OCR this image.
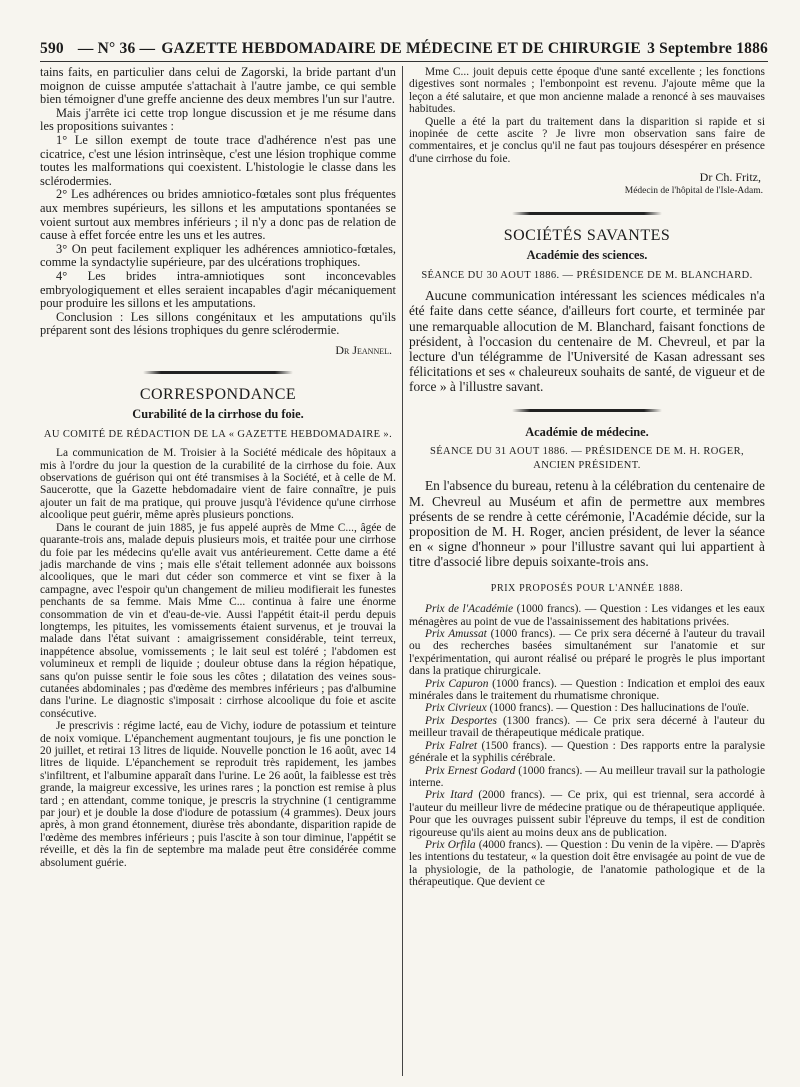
590 — N° 36 — GAZETTE HEBDOMADAIRE DE MÉDECINE ET DE CHIRURGIE 3 Septembre 1886

tains faits, en particulier dans celui de Zagorski, la bride partant d'un moignon de cuisse amputée s'attachait à l'autre jambe, ce qui semble bien témoigner d'une greffe ancienne des deux membres l'un sur l'autre.

Mais j'arrête ici cette trop longue discussion et je me résume dans les propositions suivantes :

1° Le sillon exempt de toute trace d'adhérence n'est pas une cicatrice, c'est une lésion intrinsèque, c'est une lésion trophique comme toutes les malformations qui coexistent. L'histologie le classe dans les sclérodermies.

2° Les adhérences ou brides amniotico-fœtales sont plus fréquentes aux membres supérieurs, les sillons et les amputations spontanées se voient surtout aux membres inférieurs ; il n'y a donc pas de relation de cause à effet forcée entre les uns et les autres.

3° On peut facilement expliquer les adhérences amniotico-fœtales, comme la syndactylie supérieure, par des ulcérations trophiques.

4° Les brides intra-amniotiques sont inconcevables embryologiquement et elles seraient incapables d'agir mécaniquement pour produire les sillons et les amputations.

Conclusion : Les sillons congénitaux et les amputations qu'ils préparent sont des lésions trophiques du genre sclérodermie.

Dr Jeannel.
CORRESPONDANCE
Curabilité de la cirrhose du foie.
AU COMITÉ DE RÉDACTION DE LA « GAZETTE HEBDOMADAIRE ».

La communication de M. Troisier à la Société médicale des hôpitaux a mis à l'ordre du jour la question de la curabilité de la cirrhose du foie. Aux observations de guérison qui ont été transmises à la Société, et à celle de M. Saucerotte, que la Gazette hebdomadaire vient de faire connaître, je puis ajouter un fait de ma pratique, qui prouve jusqu'à l'évidence qu'une cirrhose alcoolique peut guérir, même après plusieurs ponctions.

Dans le courant de juin 1885, je fus appelé auprès de Mme C..., âgée de quarante-trois ans, malade depuis plusieurs mois, et traitée pour une cirrhose du foie par les médecins qu'elle avait vus antérieurement. Cette dame a été jadis marchande de vins ; mais elle s'était tellement adonnée aux boissons alcooliques, que le mari dut céder son commerce et vint se fixer à la campagne, avec l'espoir qu'un changement de milieu modifierait les funestes penchants de sa femme. Mais Mme C... continua à faire une énorme consommation de vin et d'eau-de-vie. Aussi l'appétit était-il perdu depuis longtemps, les pituites, les vomissements étaient survenus, et je trouvai la malade dans l'état suivant : amaigrissement considérable, teint terreux, inappétence absolue, vomissements ; le lait seul est toléré ; l'abdomen est volumineux et rempli de liquide ; douleur obtuse dans la région hépatique, sans qu'on puisse sentir le foie sous les côtes ; dilatation des veines sous-cutanées abdominales ; pas d'œdème des membres inférieurs ; pas d'albumine dans l'urine. Le diagnostic s'imposait : cirrhose alcoolique du foie et ascite consécutive.

Je prescrivis : régime lacté, eau de Vichy, iodure de potassium et teinture de noix vomique. L'épanchement augmentant toujours, je fis une ponction le 20 juillet, et retirai 13 litres de liquide. Nouvelle ponction le 16 août, avec 14 litres de liquide. L'épanchement se reproduit très rapidement, les jambes s'infiltrent, et l'albumine apparaît dans l'urine. Le 26 août, la faiblesse est très grande, la maigreur excessive, les urines rares ; la ponction est remise à plus tard ; en attendant, comme tonique, je prescris la strychnine (1 centigramme par jour) et je double la dose d'iodure de potassium (4 grammes). Deux jours après, à mon grand étonnement, diurèse très abondante, disparition rapide de l'œdème des membres inférieurs ; puis l'ascite à son tour diminue, l'appétit se réveille, et dès la fin de septembre ma malade peut être considérée comme absolument guérie.

Mme C... jouit depuis cette époque d'une santé excellente ; les fonctions digestives sont normales ; l'embonpoint est revenu. J'ajoute même que la leçon a été salutaire, et que mon ancienne malade a renoncé à ses mauvaises habitudes.

Quelle a été la part du traitement dans la disparition si rapide et si inopinée de cette ascite ? Je livre mon observation sans faire de commentaires, et je conclus qu'il ne faut pas toujours désespérer en présence d'une cirrhose du foie.

Dr Ch. Fritz,
Médecin de l'hôpital de l'Isle-Adam.
SOCIÉTÉS SAVANTES
Académie des sciences.
SÉANCE DU 30 AOUT 1886. — PRÉSIDENCE DE M. BLANCHARD.

Aucune communication intéressant les sciences médicales n'a été faite dans cette séance, d'ailleurs fort courte, et terminée par une remarquable allocution de M. Blanchard, faisant fonctions de président, à l'occasion du centenaire de M. Chevreul, et par la lecture d'un télégramme de l'Université de Kasan adressant ses félicitations et ses « chaleureux souhaits de santé, de vigueur et de force » à l'illustre savant.

Académie de médecine.
SÉANCE DU 31 AOUT 1886. — PRÉSIDENCE DE M. H. ROGER, ANCIEN PRÉSIDENT.

En l'absence du bureau, retenu à la célébration du centenaire de M. Chevreul au Muséum et afin de permettre aux membres présents de se rendre à cette cérémonie, l'Académie décide, sur la proposition de M. H. Roger, ancien président, de lever la séance en « signe d'honneur » pour l'illustre savant qui lui appartient à titre d'associé libre depuis soixante-trois ans.

PRIX PROPOSÉS POUR L'ANNÉE 1888.

Prix de l'Académie (1000 francs). — Question : Les vidanges et les eaux ménagères au point de vue de l'assainissement des habitations privées.

Prix Amussat (1000 francs). — Ce prix sera décerné à l'auteur du travail ou des recherches basées simultanément sur l'anatomie et sur l'expérimentation, qui auront réalisé ou préparé le progrès le plus important dans la pratique chirurgicale.

Prix Capuron (1000 francs). — Question : Indication et emploi des eaux minérales dans le traitement du rhumatisme chronique.

Prix Civrieux (1000 francs). — Question : Des hallucinations de l'ouïe.

Prix Desportes (1300 francs). — Ce prix sera décerné à l'auteur du meilleur travail de thérapeutique médicale pratique.

Prix Falret (1500 francs). — Question : Des rapports entre la paralysie générale et la syphilis cérébrale.

Prix Ernest Godard (1000 francs). — Au meilleur travail sur la pathologie interne.

Prix Itard (2000 francs). — Ce prix, qui est triennal, sera accordé à l'auteur du meilleur livre de médecine pratique ou de thérapeutique appliquée. Pour que les ouvrages puissent subir l'épreuve du temps, il est de condition rigoureuse qu'ils aient au moins deux ans de publication.

Prix Orfila (4000 francs). — Question : Du venin de la vipère. — D'après les intentions du testateur, « la question doit être envisagée au point de vue de la physiologie, de la pathologie, de l'anatomie pathologique et de la thérapeutique. Que devient ce
